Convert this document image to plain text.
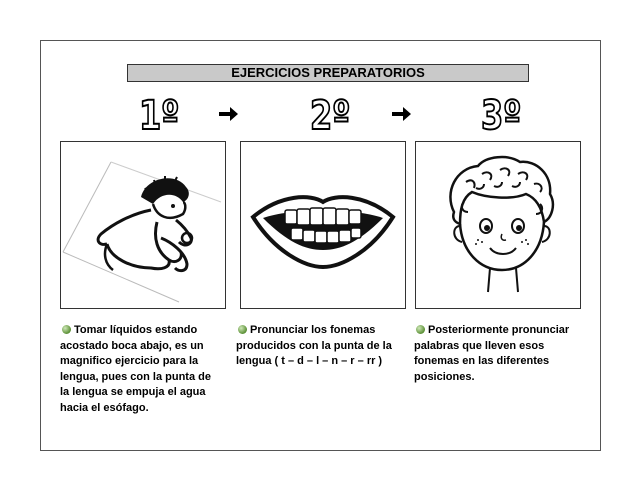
EJERCICIOS PREPARATORIOS
1º	2º	3º
Tomar líquidos estando acostado boca abajo, es un magnifico ejercicio para la lengua, pues con la punta de la lengua se empuja el agua hacia el esófago.
Pronunciar los fonemas producidos con la punta de la lengua ( t – d – l – n – r – rr )
Posteriormente pronunciar palabras que lleven esos fonemas en las diferentes posiciones.
